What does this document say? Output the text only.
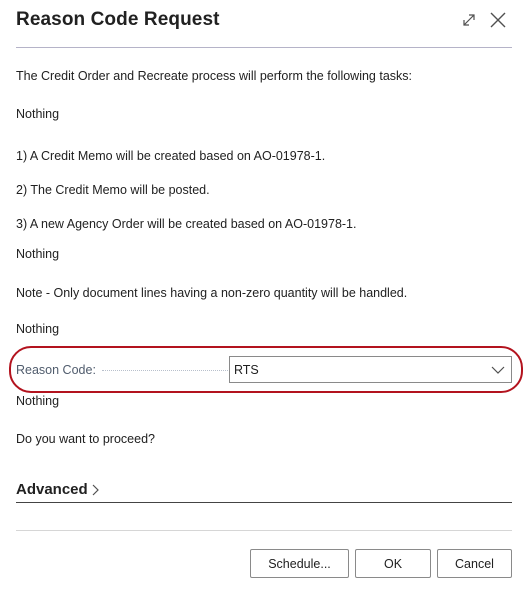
Reason Code Request
The Credit Order and Recreate process will perform the following tasks:
Nothing
1) A Credit Memo will be created based on AO-01978-1.
2) The Credit Memo will be posted.
3) A new Agency Order will be created based on AO-01978-1.
Nothing
Note - Only document lines having a non-zero quantity will be handled.
Nothing
Reason Code:	RTS
Nothing
Do you want to proceed?
Advanced
Schedule...	OK	Cancel
